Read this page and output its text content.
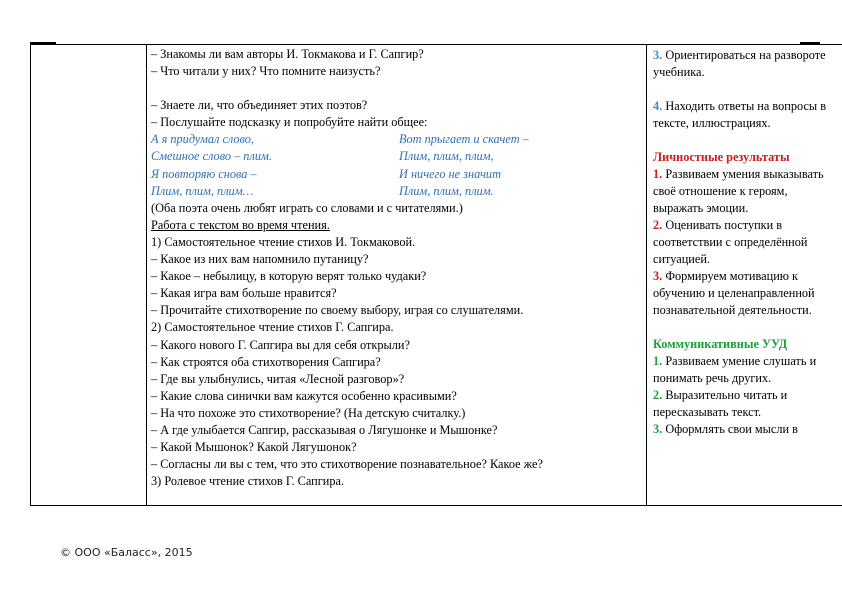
– Знакомы ли вам авторы И. Токмакова и Г. Сапгир?
– Что читали у них? Что помните наизусть?
– Знаете ли, что объединяет этих поэтов?
– Послушайте подсказку и попробуйте найти общее:
А я придумал слово,	Вот прыгает и скачет –
Смешное слово – плим.	Плим, плим, плим,
Я повторяю снова –	И ничего не значит
Плим, плим, плим…	Плим, плим, плим.
(Оба поэта очень любят играть со словами и с читателями.)
Работа с текстом во время чтения.
1) Самостоятельное чтение стихов И. Токмаковой.
– Какое из них вам напомнило путаницу?
– Какое – небылицу, в которую верят только чудаки?
– Какая игра вам больше нравится?
– Прочитайте стихотворение по своему выбору, играя со слушателями.
2) Самостоятельное чтение стихов Г. Сапгира.
– Какого нового Г. Сапгира вы для себя открыли?
– Как строятся оба стихотворения Сапгира?
– Где вы улыбнулись, читая «Лесной разговор»?
– Какие слова синички вам кажутся особенно красивыми?
– На что похоже это стихотворение? (На детскую считалку.)
– А где улыбается Сапгир, рассказывая о Лягушонке и Мышонке?
– Какой Мышонок? Какой Лягушонок?
– Согласны ли вы с тем, что это стихотворение познавательное? Какое же?
3) Ролевое чтение стихов Г. Сапгира.

3. Ориентироваться на развороте учебника.

4. Находить ответы на вопросы в тексте, иллюстрациях.

Личностные результаты

1. Развиваем умения выказывать своё отношение к героям, выражать эмоции.

2. Оценивать поступки в соответствии с определённой ситуацией.

3. Формируем мотивацию к обучению и целенаправленной познавательной деятельности.

Коммуникативные УУД

1. Развиваем умение слушать и понимать речь других.

2. Выразительно читать и пересказывать текст.

3. Оформлять свои мысли в

© ООО «Баласс», 2015
